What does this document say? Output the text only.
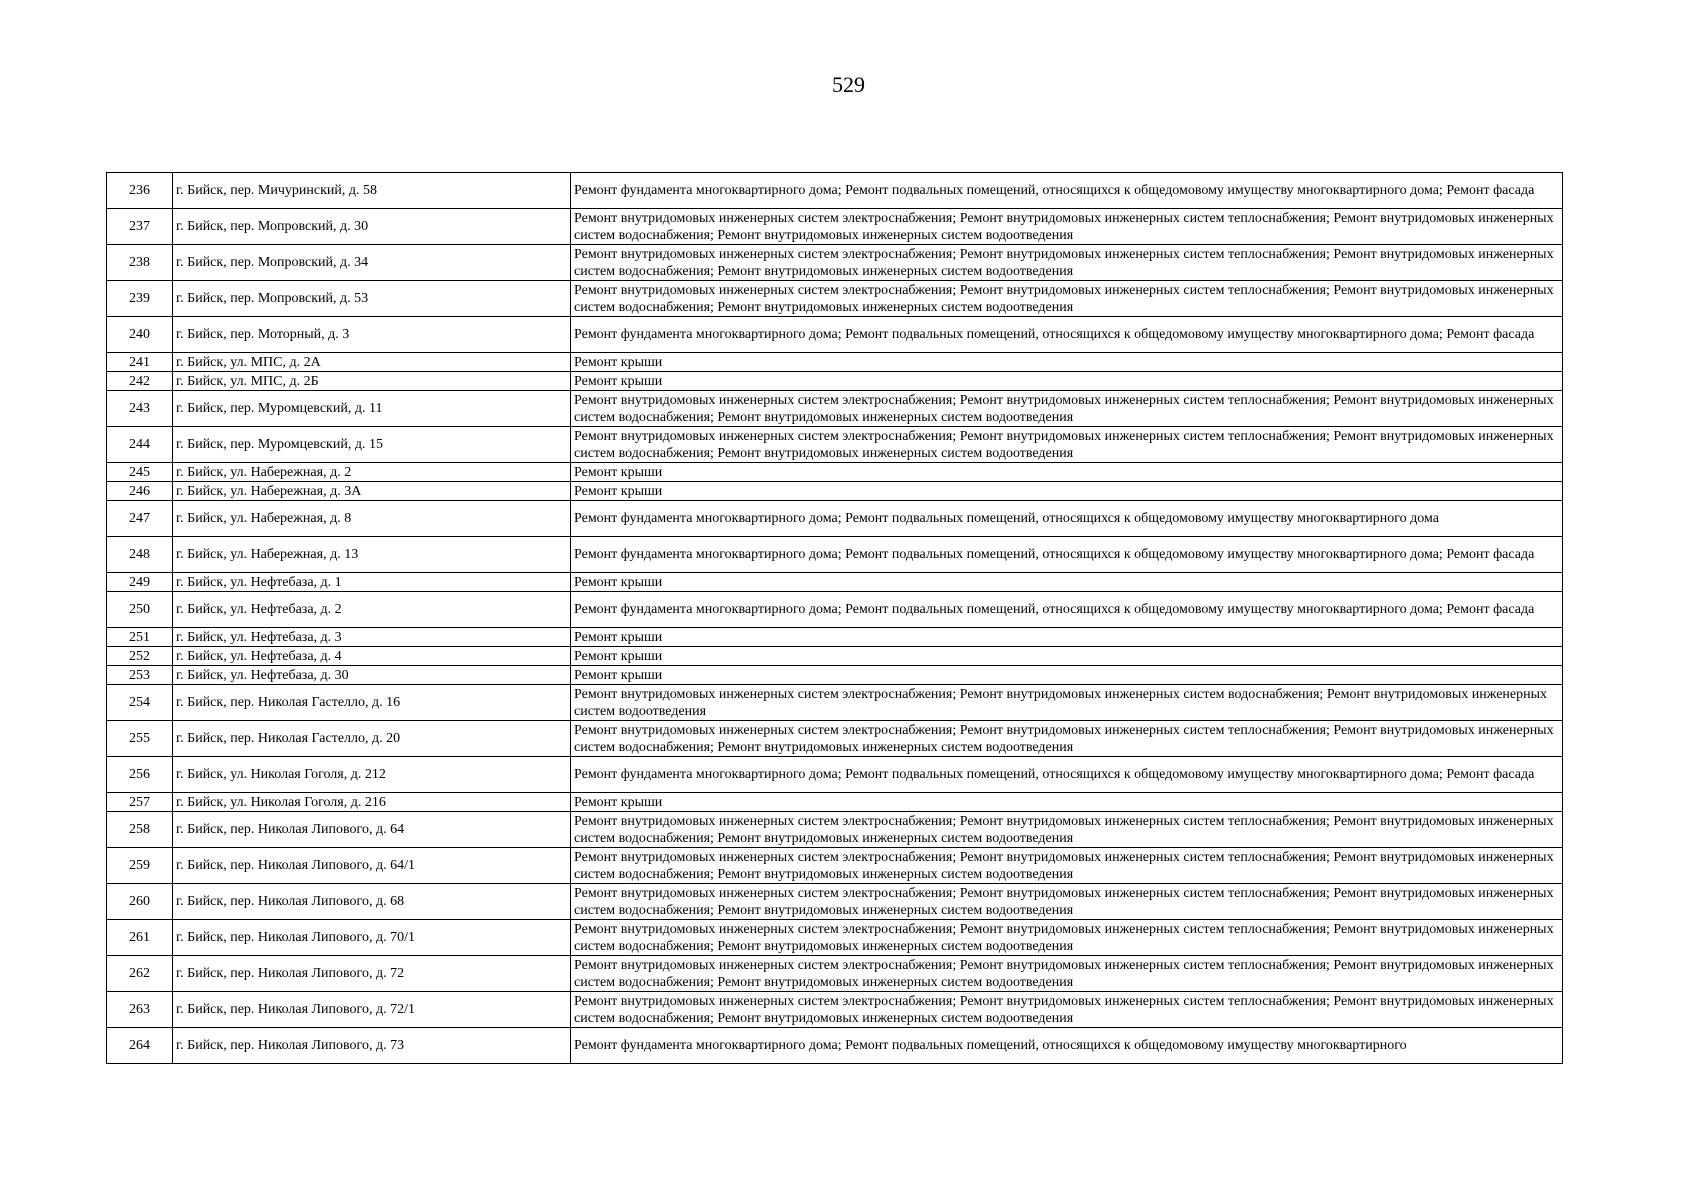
529
236	г. Бийск, пер. Мичуринский, д. 58	Ремонт фундамента многоквартирного дома; Ремонт подвальных помещений, относящихся к общедомовому имуществу многоквартирного дома; Ремонт фасада
237	г. Бийск, пер. Мопровский, д. 30	Ремонт внутридомовых инженерных систем электроснабжения; Ремонт внутридомовых инженерных систем теплоснабжения; Ремонт внутридомовых инженерных систем водоснабжения; Ремонт внутридомовых инженерных систем водоотведения
238	г. Бийск, пер. Мопровский, д. 34	Ремонт внутридомовых инженерных систем электроснабжения; Ремонт внутридомовых инженерных систем теплоснабжения; Ремонт внутридомовых инженерных систем водоснабжения; Ремонт внутридомовых инженерных систем водоотведения
239	г. Бийск, пер. Мопровский, д. 53	Ремонт внутридомовых инженерных систем электроснабжения; Ремонт внутридомовых инженерных систем теплоснабжения; Ремонт внутридомовых инженерных систем водоснабжения; Ремонт внутридомовых инженерных систем водоотведения
240	г. Бийск, пер. Моторный, д. 3	Ремонт фундамента многоквартирного дома; Ремонт подвальных помещений, относящихся к общедомовому имуществу многоквартирного дома; Ремонт фасада
241	г. Бийск, ул. МПС, д. 2А	Ремонт крыши
242	г. Бийск, ул. МПС, д. 2Б	Ремонт крыши
243	г. Бийск, пер. Муромцевский, д. 11	Ремонт внутридомовых инженерных систем электроснабжения; Ремонт внутридомовых инженерных систем теплоснабжения; Ремонт внутридомовых инженерных систем водоснабжения; Ремонт внутридомовых инженерных систем водоотведения
244	г. Бийск, пер. Муромцевский, д. 15	Ремонт внутридомовых инженерных систем электроснабжения; Ремонт внутридомовых инженерных систем теплоснабжения; Ремонт внутридомовых инженерных систем водоснабжения; Ремонт внутридомовых инженерных систем водоотведения
245	г. Бийск, ул. Набережная, д. 2	Ремонт крыши
246	г. Бийск, ул. Набережная, д. 3А	Ремонт крыши
247	г. Бийск, ул. Набережная, д. 8	Ремонт фундамента многоквартирного дома; Ремонт подвальных помещений, относящихся к общедомовому имуществу многоквартирного дома
248	г. Бийск, ул. Набережная, д. 13	Ремонт фундамента многоквартирного дома; Ремонт подвальных помещений, относящихся к общедомовому имуществу многоквартирного дома; Ремонт фасада
249	г. Бийск, ул. Нефтебаза, д. 1	Ремонт крыши
250	г. Бийск, ул. Нефтебаза, д. 2	Ремонт фундамента многоквартирного дома; Ремонт подвальных помещений, относящихся к общедомовому имуществу многоквартирного дома; Ремонт фасада
251	г. Бийск, ул. Нефтебаза, д. 3	Ремонт крыши
252	г. Бийск, ул. Нефтебаза, д. 4	Ремонт крыши
253	г. Бийск, ул. Нефтебаза, д. 30	Ремонт крыши
254	г. Бийск, пер. Николая Гастелло, д. 16	Ремонт внутридомовых инженерных систем электроснабжения; Ремонт внутридомовых инженерных систем водоснабжения; Ремонт внутридомовых инженерных систем водоотведения
255	г. Бийск, пер. Николая Гастелло, д. 20	Ремонт внутридомовых инженерных систем электроснабжения; Ремонт внутридомовых инженерных систем теплоснабжения; Ремонт внутридомовых инженерных систем водоснабжения; Ремонт внутридомовых инженерных систем водоотведения
256	г. Бийск, ул. Николая Гоголя, д. 212	Ремонт фундамента многоквартирного дома; Ремонт подвальных помещений, относящихся к общедомовому имуществу многоквартирного дома; Ремонт фасада
257	г. Бийск, ул. Николая Гоголя, д. 216	Ремонт крыши
258	г. Бийск, пер. Николая Липового, д. 64	Ремонт внутридомовых инженерных систем электроснабжения; Ремонт внутридомовых инженерных систем теплоснабжения; Ремонт внутридомовых инженерных систем водоснабжения; Ремонт внутридомовых инженерных систем водоотведения
259	г. Бийск, пер. Николая Липового, д. 64/1	Ремонт внутридомовых инженерных систем электроснабжения; Ремонт внутридомовых инженерных систем теплоснабжения; Ремонт внутридомовых инженерных систем водоснабжения; Ремонт внутридомовых инженерных систем водоотведения
260	г. Бийск, пер. Николая Липового, д. 68	Ремонт внутридомовых инженерных систем электроснабжения; Ремонт внутридомовых инженерных систем теплоснабжения; Ремонт внутридомовых инженерных систем водоснабжения; Ремонт внутридомовых инженерных систем водоотведения
261	г. Бийск, пер. Николая Липового, д. 70/1	Ремонт внутридомовых инженерных систем электроснабжения; Ремонт внутридомовых инженерных систем теплоснабжения; Ремонт внутридомовых инженерных систем водоснабжения; Ремонт внутридомовых инженерных систем водоотведения
262	г. Бийск, пер. Николая Липового, д. 72	Ремонт внутридомовых инженерных систем электроснабжения; Ремонт внутридомовых инженерных систем теплоснабжения; Ремонт внутридомовых инженерных систем водоснабжения; Ремонт внутридомовых инженерных систем водоотведения
263	г. Бийск, пер. Николая Липового, д. 72/1	Ремонт внутридомовых инженерных систем электроснабжения; Ремонт внутридомовых инженерных систем теплоснабжения; Ремонт внутридомовых инженерных систем водоснабжения; Ремонт внутридомовых инженерных систем водоотведения
264	г. Бийск, пер. Николая Липового, д. 73	Ремонт фундамента многоквартирного дома; Ремонт подвальных помещений, относящихся к общедомовому имуществу многоквартирного
